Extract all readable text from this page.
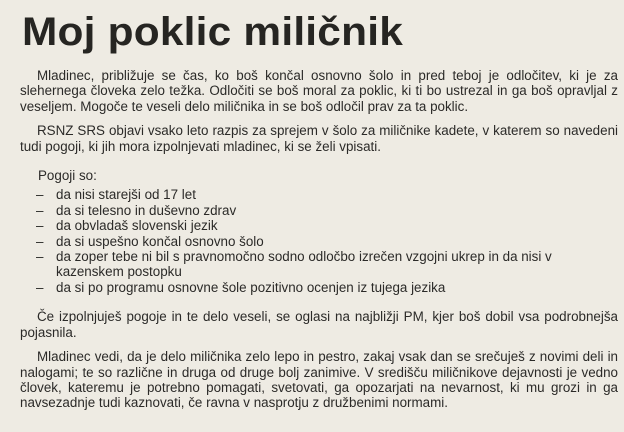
Moj poklic miličnik

Mladinec, približuje se čas, ko boš končal osnovno šolo in pred teboj je odločitev, ki je za slehernega človeka zelo težka. Odločiti se boš moral za poklic, ki ti bo ustrezal in ga boš opravljal z veseljem. Mogoče te veseli delo miličnika in se boš odločil prav za ta poklic.

RSNZ SRS objavi vsako leto razpis za sprejem v šolo za miličnike kadete, v katerem so navedeni tudi pogoji, ki jih mora izpolnjevati mladinec, ki se želi vpisati.

Pogoji so:

– da nisi starejši od 17 let
– da si telesno in duševno zdrav
– da obvladaš slovenski jezik
– da si uspešno končal osnovno šolo
– da zoper tebe ni bil s pravnomočno sodno odločbo izrečen vzgojni ukrep in da nisi v kazenskem postopku
– da si po programu osnovne šole pozitivno ocenjen iz tujega jezika

Če izpolnjuješ pogoje in te delo veseli, se oglasi na najbližji PM, kjer boš dobil vsa podrobnejša pojasnila.

Mladinec vedi, da je delo miličnika zelo lepo in pestro, zakaj vsak dan se srečuješ z novimi deli in nalogami; te so različne in druga od druge bolj zanimive. V središču miličnikove dejavnosti je vedno človek, kateremu je potrebno pomagati, svetovati, ga opozarjati na nevarnost, ki mu grozi in ga navsezadnje tudi kaznovati, če ravna v nasprotju z družbenimi normami.
